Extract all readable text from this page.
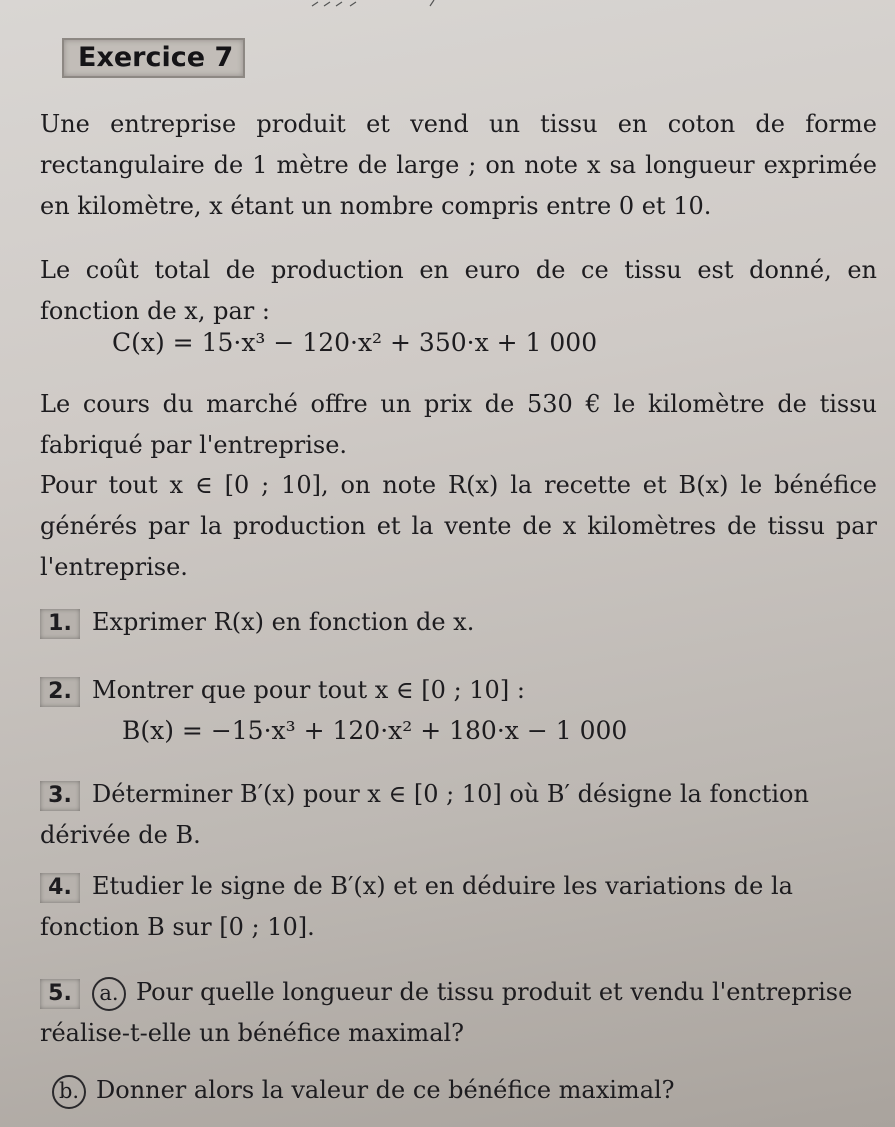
Exercice 7

Une entreprise produit et vend un tissu en coton de forme rectangulaire de 1 mètre de large ; on note x sa longueur exprimée en kilomètre, x étant un nombre compris entre 0 et 10.

Le coût total de production en euro de ce tissu est donné, en fonction de x, par :

C(x) = 15·x³ − 120·x² + 350·x + 1 000

Le cours du marché offre un prix de 530 € le kilomètre de tissu fabriqué par l'entreprise.

Pour tout x ∈ [0 ; 10], on note R(x) la recette et B(x) le bénéfice générés par la production et la vente de x kilomètres de tissu par l'entreprise.

1. Exprimer R(x) en fonction de x.

2. Montrer que pour tout x ∈ [0 ; 10] :

B(x) = −15·x³ + 120·x² + 180·x − 1 000

3. Déterminer B′(x) pour x ∈ [0 ; 10] où B′ désigne la fonction dérivée de B.

4. Etudier le signe de B′(x) et en déduire les variations de la fonction B sur [0 ; 10].

5. a. Pour quelle longueur de tissu produit et vendu l'entreprise réalise-t-elle un bénéfice maximal?

b. Donner alors la valeur de ce bénéfice maximal?
